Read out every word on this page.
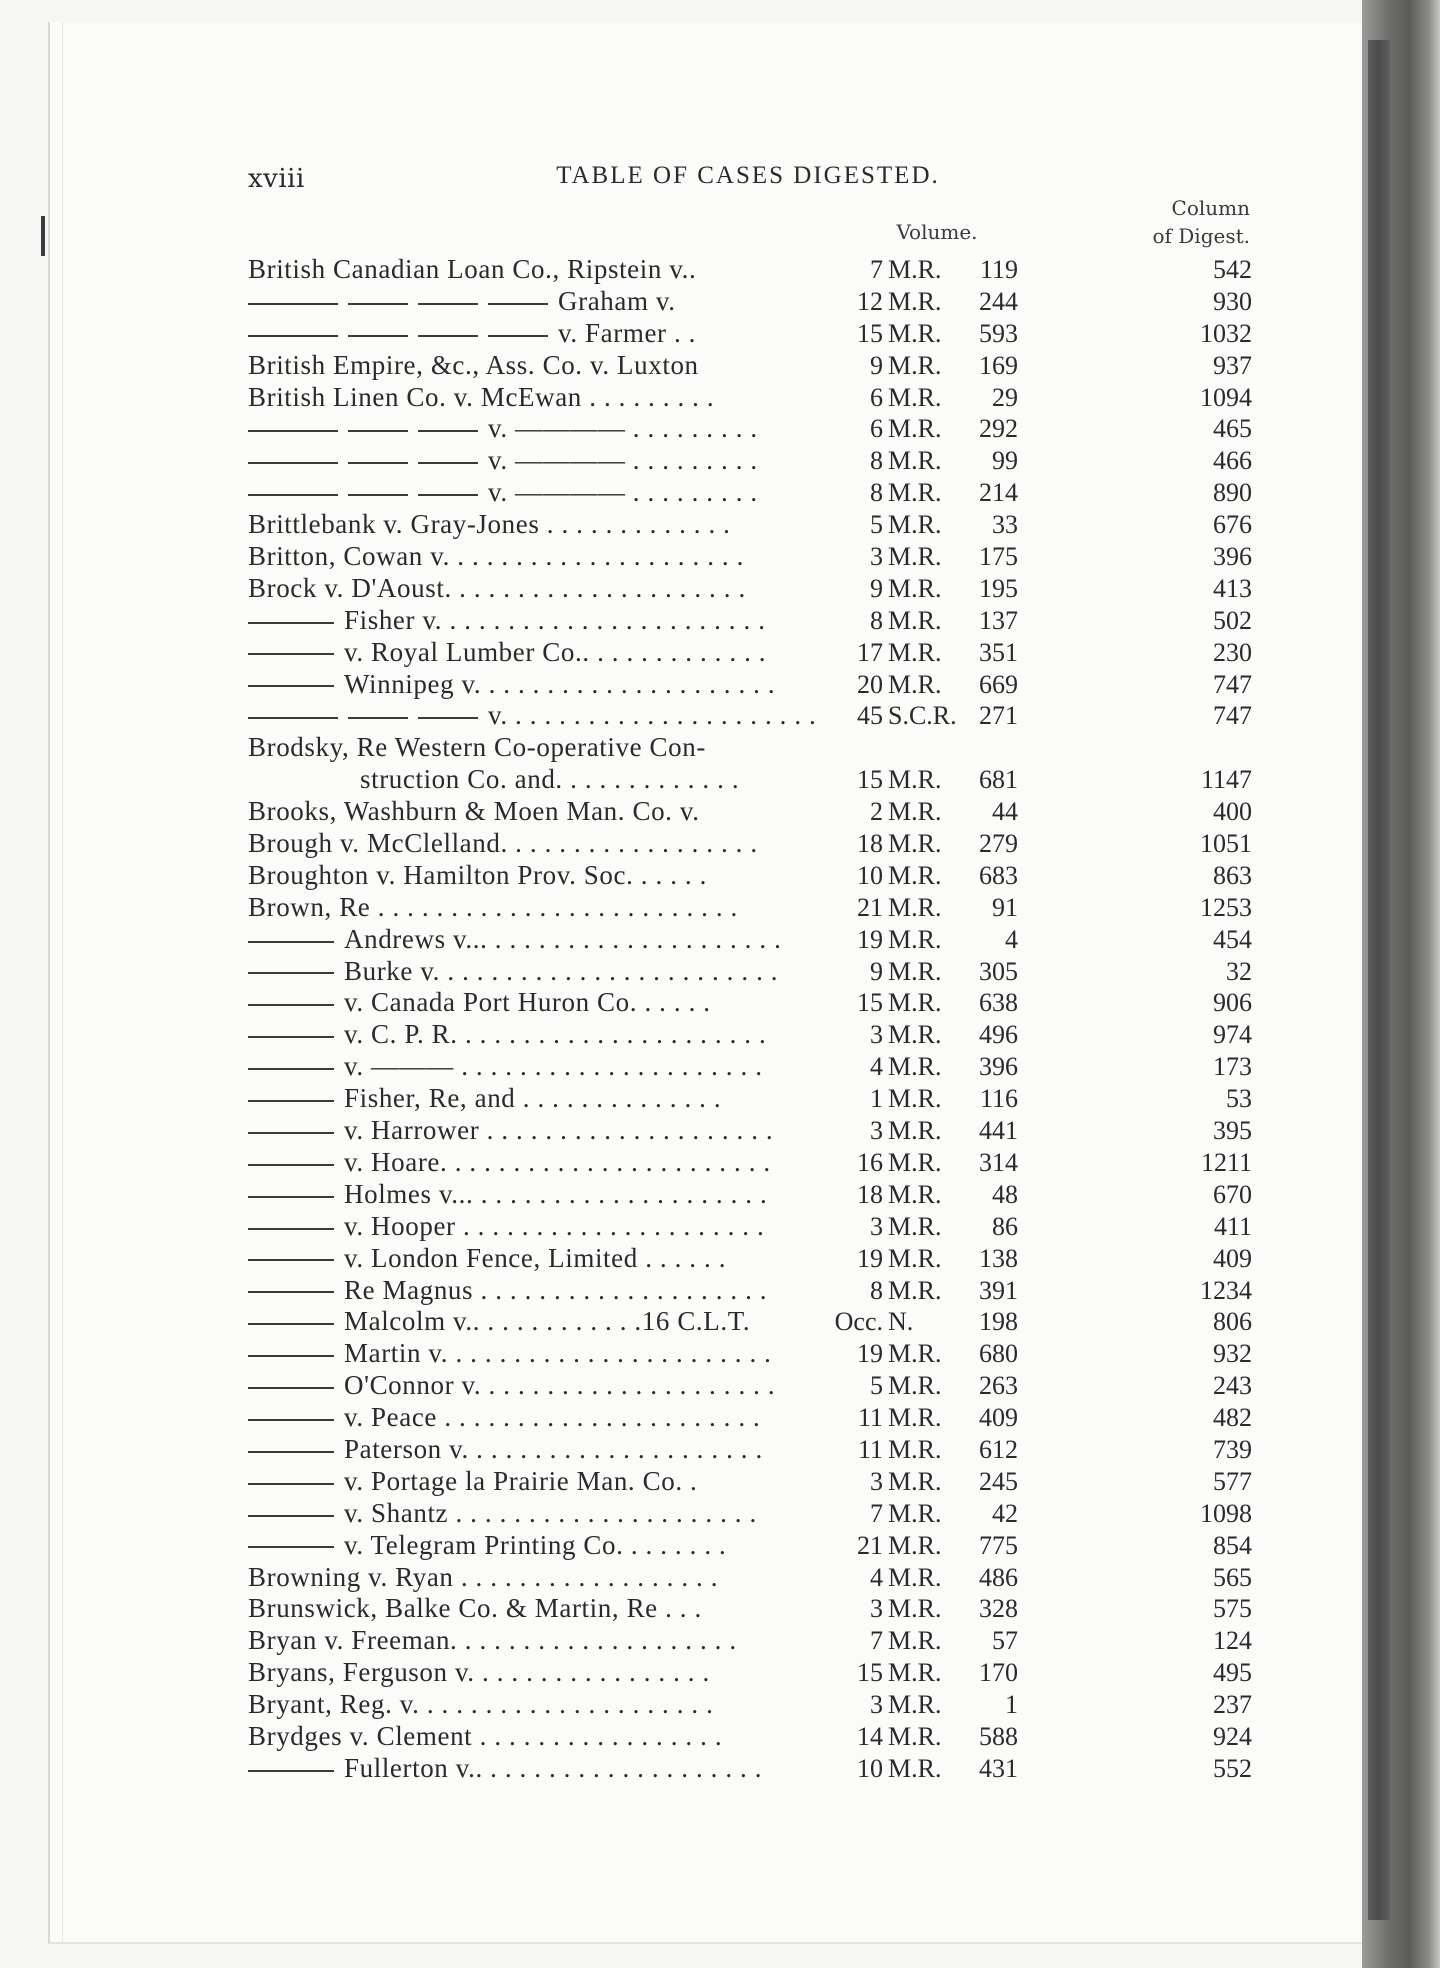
xviii	TABLE OF CASES DIGESTED.
Volume.
Column
of Digest.
British Canadian Loan Co., Ripstein v..	7 M.R.	119	542
Graham v.	12 M.R.	244	930
v. Farmer . .	15 M.R.	593	1032
British Empire, &c., Ass. Co. v. Luxton	9 M.R.	169	937
British Linen Co. v. McEwan . . . . . . . . .	6 M.R.	29	1094
v. ———— . . . . . . . . .	6 M.R.	292	465
v. ———— . . . . . . . . .	8 M.R.	99	466
v. ———— . . . . . . . . .	8 M.R.	214	890
Brittlebank v. Gray-Jones . . . . . . . . . . . . .	5 M.R.	33	676
Britton, Cowan v. . . . . . . . . . . . . . . . . . . . .	3 M.R.	175	396
Brock v. D'Aoust. . . . . . . . . . . . . . . . . . . . .	9 M.R.	195	413
Fisher v. . . . . . . . . . . . . . . . . . . . . . .	8 M.R.	137	502
v. Royal Lumber Co.. . . . . . . . . . . . .	17 M.R.	351	230
Winnipeg v. . . . . . . . . . . . . . . . . . . . .	20 M.R.	669	747
v. . . . . . . . . . . . . . . . . . . . . .	45 S.C.R. 271	747
Brodsky, Re Western Co-operative Con-
struction Co. and. . . . . . . . . . . . .	15 M.R.	681	1147
Brooks, Washburn & Moen Man. Co. v.	2 M.R.	44	400
Brough v. McClelland. . . . . . . . . . . . . . . . . .	18 M.R.	279	1051
Broughton v. Hamilton Prov. Soc. . . . . .	10 M.R.	683	863
Brown, Re . . . . . . . . . . . . . . . . . . . . . . . . .	21 M.R.	91	1253
Andrews v... . . . . . . . . . . . . . . . . . . . .	19 M.R.	4	454
Burke v. . . . . . . . . . . . . . . . . . . . . . . .	9 M.R.	305	32
v. Canada Port Huron Co. . . . . .	15 M.R.	638	906
v. C. P. R. . . . . . . . . . . . . . . . . . . . . .	3 M.R.	496	974
v. ——— . . . . . . . . . . . . . . . . . . . . .	4 M.R.	396	173
Fisher, Re, and . . . . . . . . . . . . . .	1 M.R.	116	53
v. Harrower . . . . . . . . . . . . . . . . . . . .	3 M.R.	441	395
v. Hoare. . . . . . . . . . . . . . . . . . . . . . .	16 M.R.	314	1211
Holmes v... . . . . . . . . . . . . . . . . . . . .	18 M.R.	48	670
v. Hooper . . . . . . . . . . . . . . . . . . . . .	3 M.R.	86	411
v. London Fence, Limited . . . . . .	19 M.R.	138	409
Re Magnus . . . . . . . . . . . . . . . . . . . .	8 M.R.	391	1234
Malcolm v.. . . . . . . . . . . .16 C.L.T.	Occ. N.	198	806
Martin v. . . . . . . . . . . . . . . . . . . . . . .	19 M.R.	680	932
O'Connor v. . . . . . . . . . . . . . . . . . . . .	5 M.R.	263	243
v. Peace . . . . . . . . . . . . . . . . . . . . . .	11 M.R.	409	482
Paterson v. . . . . . . . . . . . . . . . . . . . .	11 M.R.	612	739
v. Portage la Prairie Man. Co. .	3 M.R.	245	577
v. Shantz . . . . . . . . . . . . . . . . . . . . .	7 M.R.	42	1098
v. Telegram Printing Co. . . . . . . .	21 M.R.	775	854
Browning v. Ryan . . . . . . . . . . . . . . . . . .	4 M.R.	486	565
Brunswick, Balke Co. & Martin, Re . . .	3 M.R.	328	575
Bryan v. Freeman. . . . . . . . . . . . . . . . . . . .	7 M.R.	57	124
Bryans, Ferguson v. . . . . . . . . . . . . . . . .	15 M.R.	170	495
Bryant, Reg. v. . . . . . . . . . . . . . . . . . . . .	3 M.R.	1	237
Brydges v. Clement . . . . . . . . . . . . . . . . .	14 M.R.	588	924
Fullerton v.. . . . . . . . . . . . . . . . . . . .	10 M.R.	431	552
